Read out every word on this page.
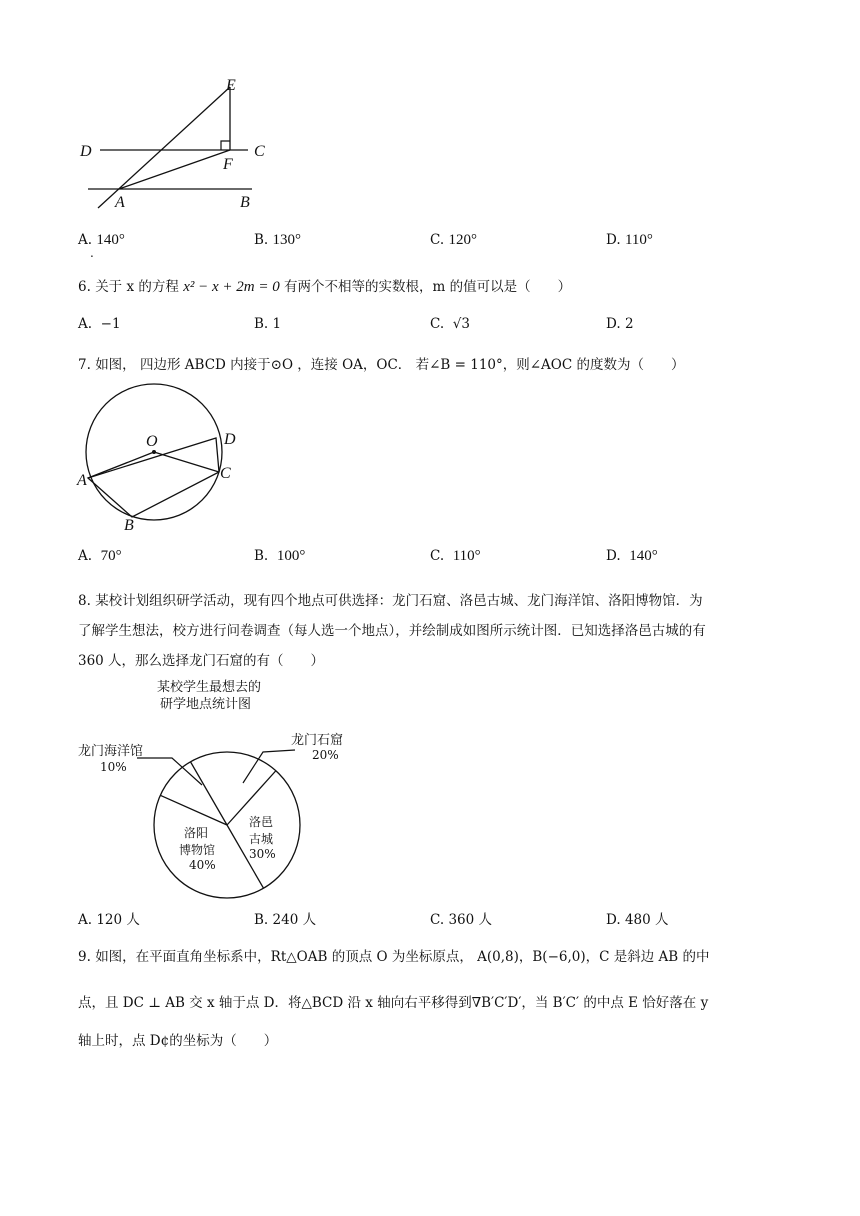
E
D	C
F
A	B
A. 140°
.
B. 130°	C. 120°	D. 110°
6. 关于 x 的方程 x² − x + 2m = 0 有两个不相等的实数根，m 的值可以是（　　）
A. −1	B. 1	C. √3	D. 2
7. 如图， 四边形 ABCD 内接于⊙O ，连接 OA，OC． 若∠B = 110°，则∠AOC 的度数为（　　）
O	D
A	C
B
A. 70°	B. 100°	C. 110°	D. 140°
8. 某校计划组织研学活动，现有四个地点可供选择：龙门石窟、洛邑古城、龙门海洋馆、洛阳博物馆．为
了解学生想法，校方进行问卷调查（每人选一个地点），并绘制成如图所示统计图．已知选择洛邑古城的有
360 人，那么选择龙门石窟的有（　　）
某校学生最想去的
研学地点统计图
龙门海洋馆
10%
龙门石窟
20%
洛邑
古城
30%
洛阳
博物馆
40%
A. 120 人	B. 240 人	C. 360 人	D. 480 人
9. 如图，在平面直角坐标系中，Rt△OAB 的顶点 O 为坐标原点， A(0,8)，B(−6,0)，C 是斜边 AB 的中
点，且 DC ⊥ AB 交 x 轴于点 D．将△BCD 沿 x 轴向右平移得到∇B′C′D′，当 B′C′ 的中点 E 恰好落在 y
轴上时，点 D¢的坐标为（　　）
